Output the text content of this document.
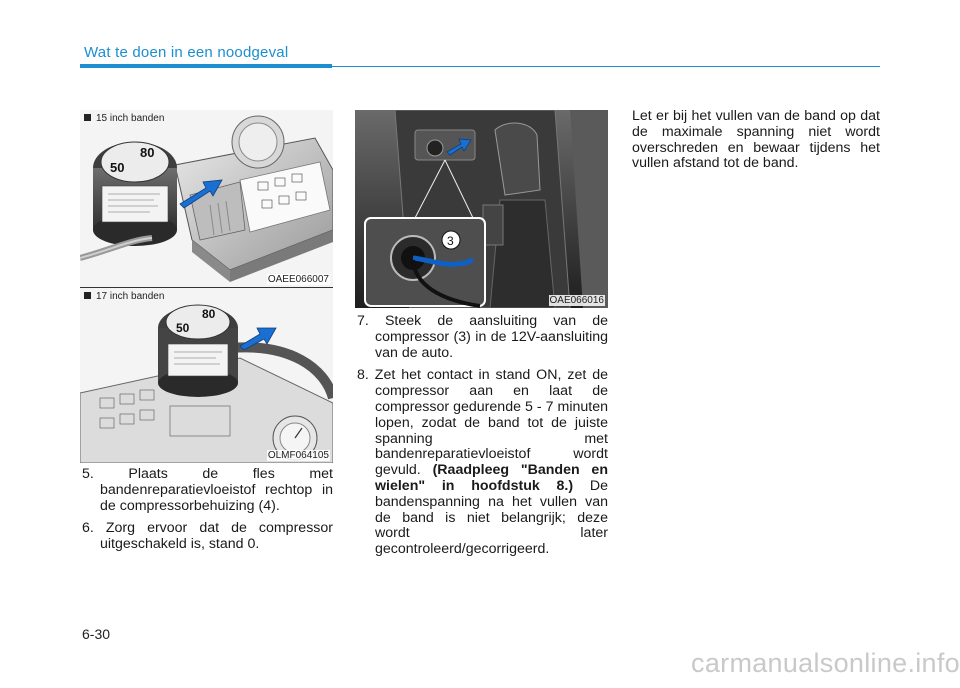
Wat te doen in een noodgeval
15 inch banden
80
50
OAEE066007
17 inch banden
80
50
OLMF064105
3
OAE066016

5. Plaats de fles met bandenreparatievloeistof rechtop in de compressorbehuizing (4).

6. Zorg ervoor dat de compressor uitgeschakeld is, stand 0.

7. Steek de aansluiting van de compressor (3) in de 12V-aansluiting van de auto.

8. Zet het contact in stand ON, zet de compressor aan en laat de compressor gedurende 5 - 7 minuten lopen, zodat de band tot de juiste spanning met bandenreparatievloeistof wordt gevuld. (Raadpleeg "Banden en wielen" in hoofdstuk 8.) De bandenspanning na het vullen van de band is niet belangrijk; deze wordt later gecontroleerd/gecorrigeerd.

Let er bij het vullen van de band op dat de maximale spanning niet wordt overschreden en bewaar tijdens het vullen afstand tot de band.

6-30
carmanualsonline.info
